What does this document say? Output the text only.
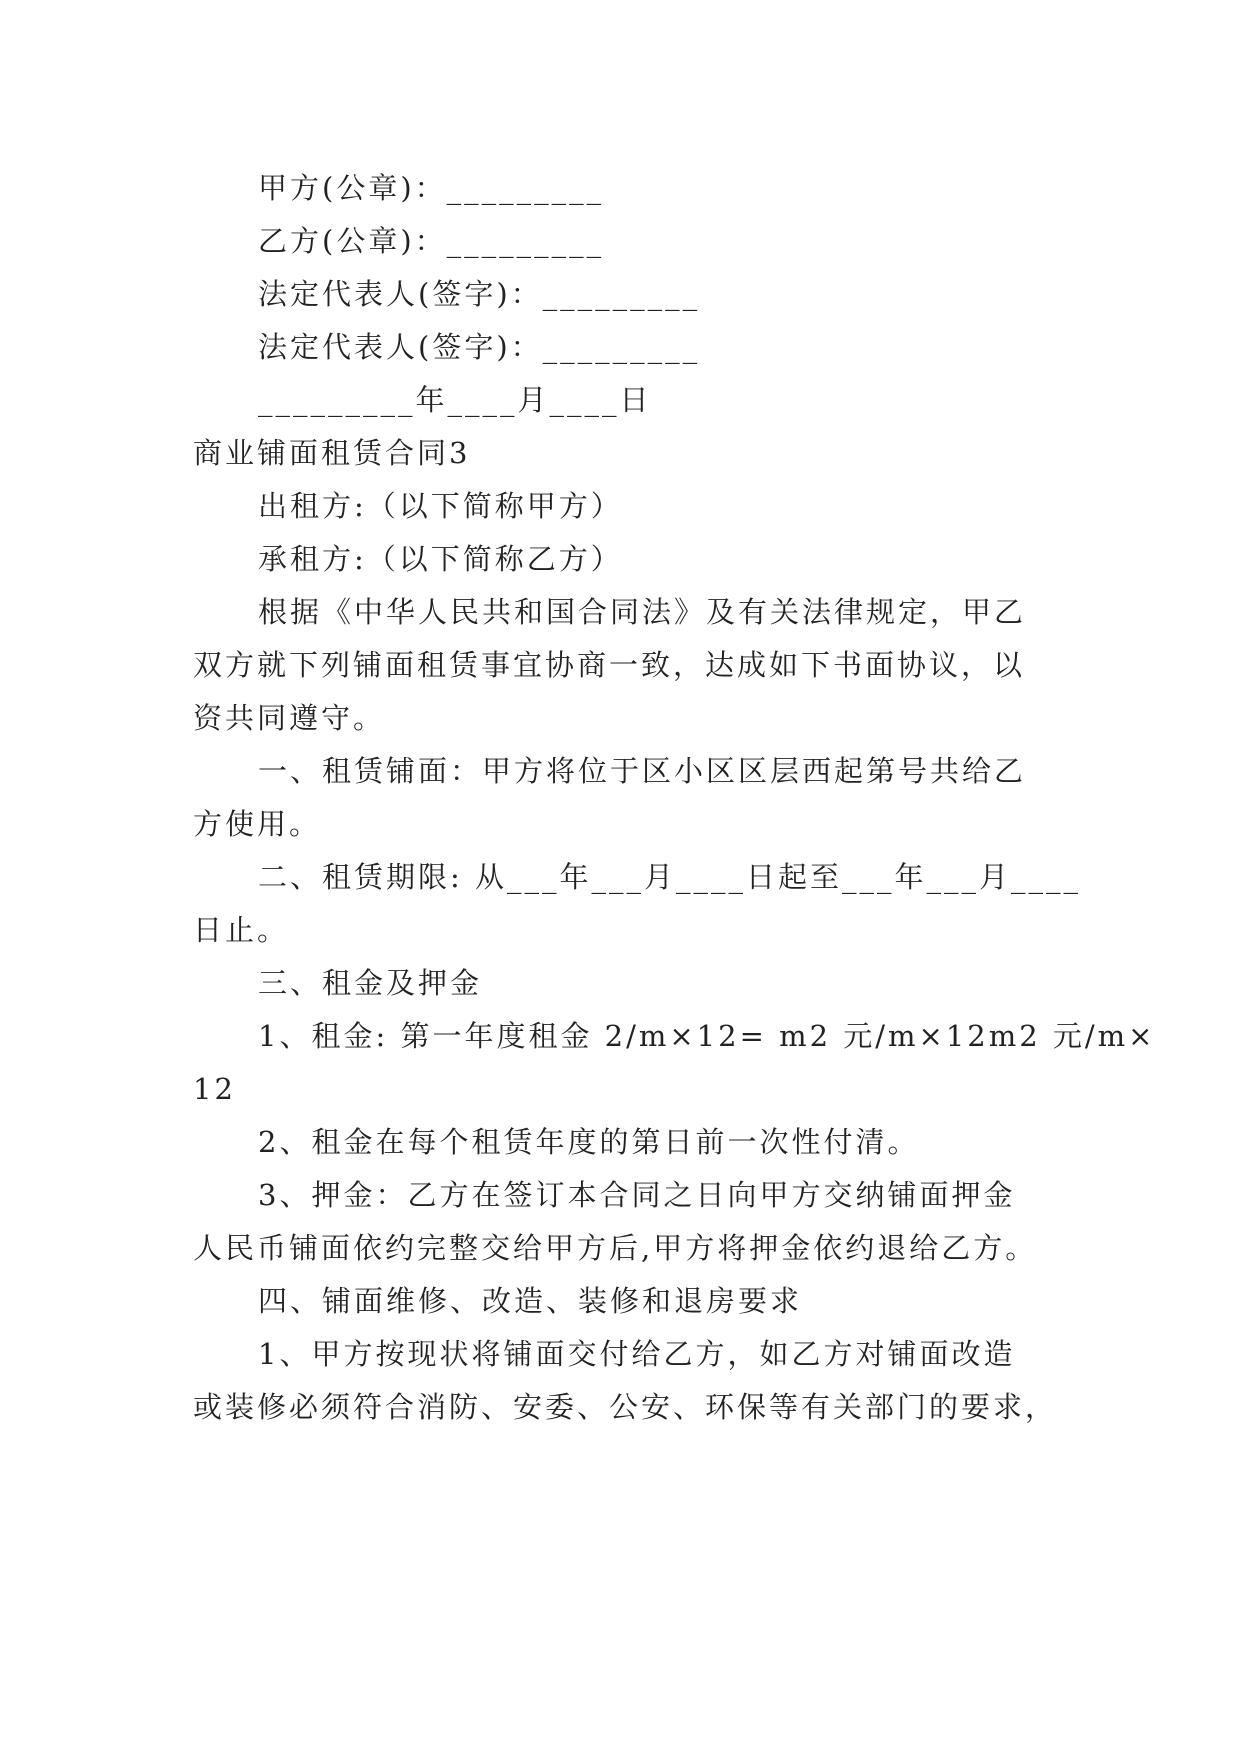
甲方(公章)：_________
乙方(公章)：_________
法定代表人(签字)：_________
法定代表人(签字)：_________
_________年____月____日
商业铺面租赁合同3
出租方:（以下简称甲方）
承租方:（以下简称乙方）
根据《中华人民共和国合同法》及有关法律规定，甲乙
双方就下列铺面租赁事宜协商一致，达成如下书面协议，以
资共同遵守。
一、租赁铺面：甲方将位于区小区区层西起第号共给乙
方使用。
二、租赁期限: 从___年___月____日起至___年___月____
日止。
三、租金及押金
1、租金: 第一年度租金 2/m×12= m2 元/m×12m2 元/m×
12
2、租金在每个租赁年度的第日前一次性付清。
3、押金：乙方在签订本合同之日向甲方交纳铺面押金
人民币铺面依约完整交给甲方后,甲方将押金依约退给乙方。
四、铺面维修、改造、装修和退房要求
1、甲方按现状将铺面交付给乙方，如乙方对铺面改造
或装修必须符合消防、安委、公安、环保等有关部门的要求，
